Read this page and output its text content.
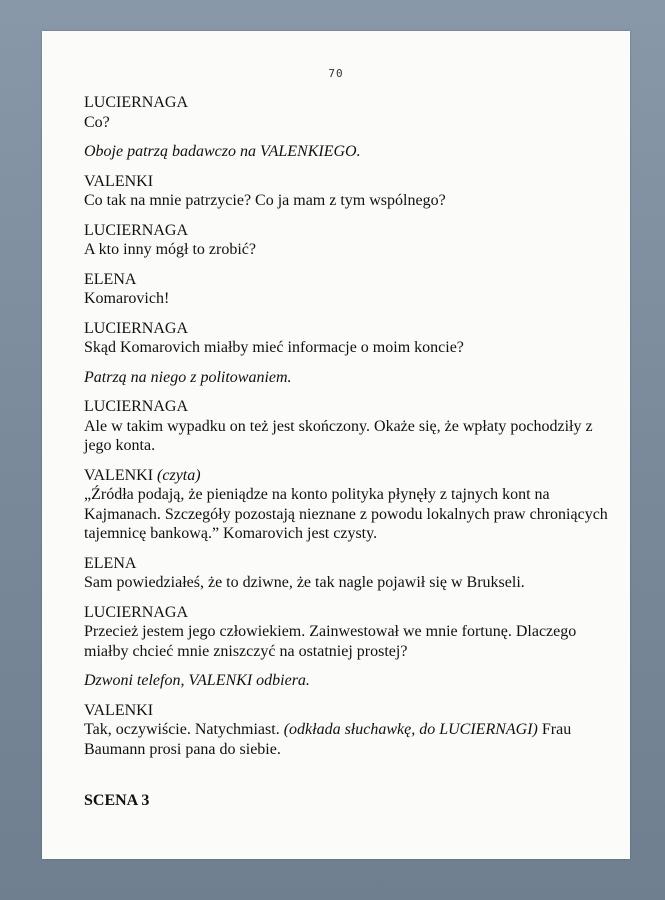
70

LUCIERNAGA

Co?

Oboje patrzą badawczo na VALENKIEGO.

VALENKI

Co tak na mnie patrzycie? Co ja mam z tym wspólnego?

LUCIERNAGA

A kto inny mógł to zrobić?

ELENA

Komarovich!

LUCIERNAGA

Skąd Komarovich miałby mieć informacje o moim koncie?

Patrzą na niego z politowaniem.

LUCIERNAGA

Ale w takim wypadku on też jest skończony. Okaże się, że wpłaty pochodziły z jego konta.

VALENKI (czyta)

„Źródła podają, że pieniądze na konto polityka płynęły z tajnych kont na Kajmanach. Szczegóły pozostają nieznane z powodu lokalnych praw chroniących tajemnicę bankową.” Komarovich jest czysty.

ELENA

Sam powiedziałeś, że to dziwne, że tak nagle pojawił się w Brukseli.

LUCIERNAGA

Przecież jestem jego człowiekiem. Zainwestował we mnie fortunę. Dlaczego miałby chcieć mnie zniszczyć na ostatniej prostej?

Dzwoni telefon, VALENKI odbiera.

VALENKI

Tak, oczywiście. Natychmiast. (odkłada słuchawkę, do LUCIERNAGI) Frau Baumann prosi pana do siebie.

SCENA 3
